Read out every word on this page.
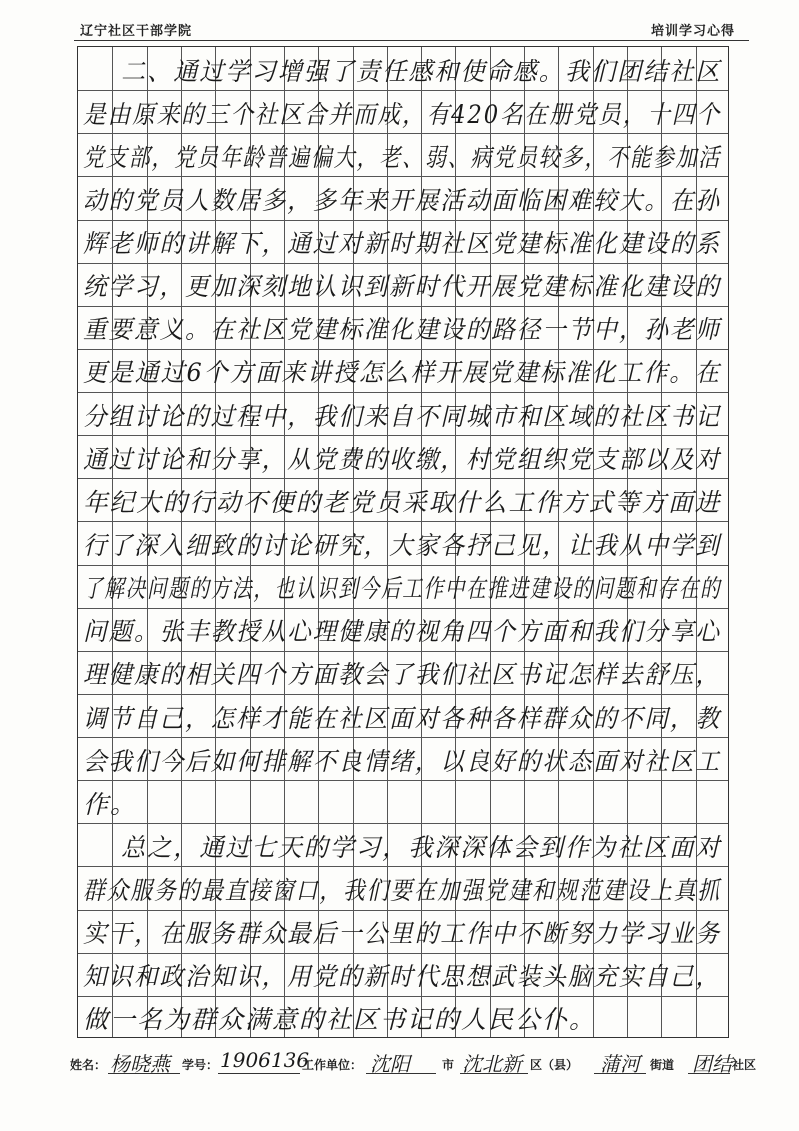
辽宁社区干部学院	培训学习心得
二、通过学习增强了责任感和使命感。我们团结社区
是由原来的三个社区合并而成，有420名在册党员，十四个
党支部，党员年龄普遍偏大，老、弱、病党员较多，不能参加活
动的党员人数居多，多年来开展活动面临困难较大。在孙
辉老师的讲解下，通过对新时期社区党建标准化建设的系
统学习，更加深刻地认识到新时代开展党建标准化建设的
重要意义。在社区党建标准化建设的路径一节中，孙老师
更是通过6个方面来讲授怎么样开展党建标准化工作。在
分组讨论的过程中，我们来自不同城市和区域的社区书记
通过讨论和分享，从党费的收缴，村党组织党支部以及对
年纪大的行动不便的老党员采取什么工作方式等方面进
行了深入细致的讨论研究，大家各抒己见，让我从中学到
了解决问题的方法，也认识到今后工作中在推进建设的问题和存在的
问题。张丰教授从心理健康的视角四个方面和我们分享心
理健康的相关四个方面教会了我们社区书记怎样去舒压，
调节自己，怎样才能在社区面对各种各样群众的不同，教
会我们今后如何排解不良情绪，以良好的状态面对社区工
作。
总之，通过七天的学习，我深深体会到作为社区面对
群众服务的最直接窗口，我们要在加强党建和规范建设上真抓
实干，在服务群众最后一公里的工作中不断努力学习业务
知识和政治知识，用党的新时代思想武装头脑充实自己，
做一名为群众满意的社区书记的人民公仆。
姓名： 杨晓燕 学号： 1906136
工作单位： 沈阳	市 沈北新 区（县） 蒲河 街道 团结 社区
